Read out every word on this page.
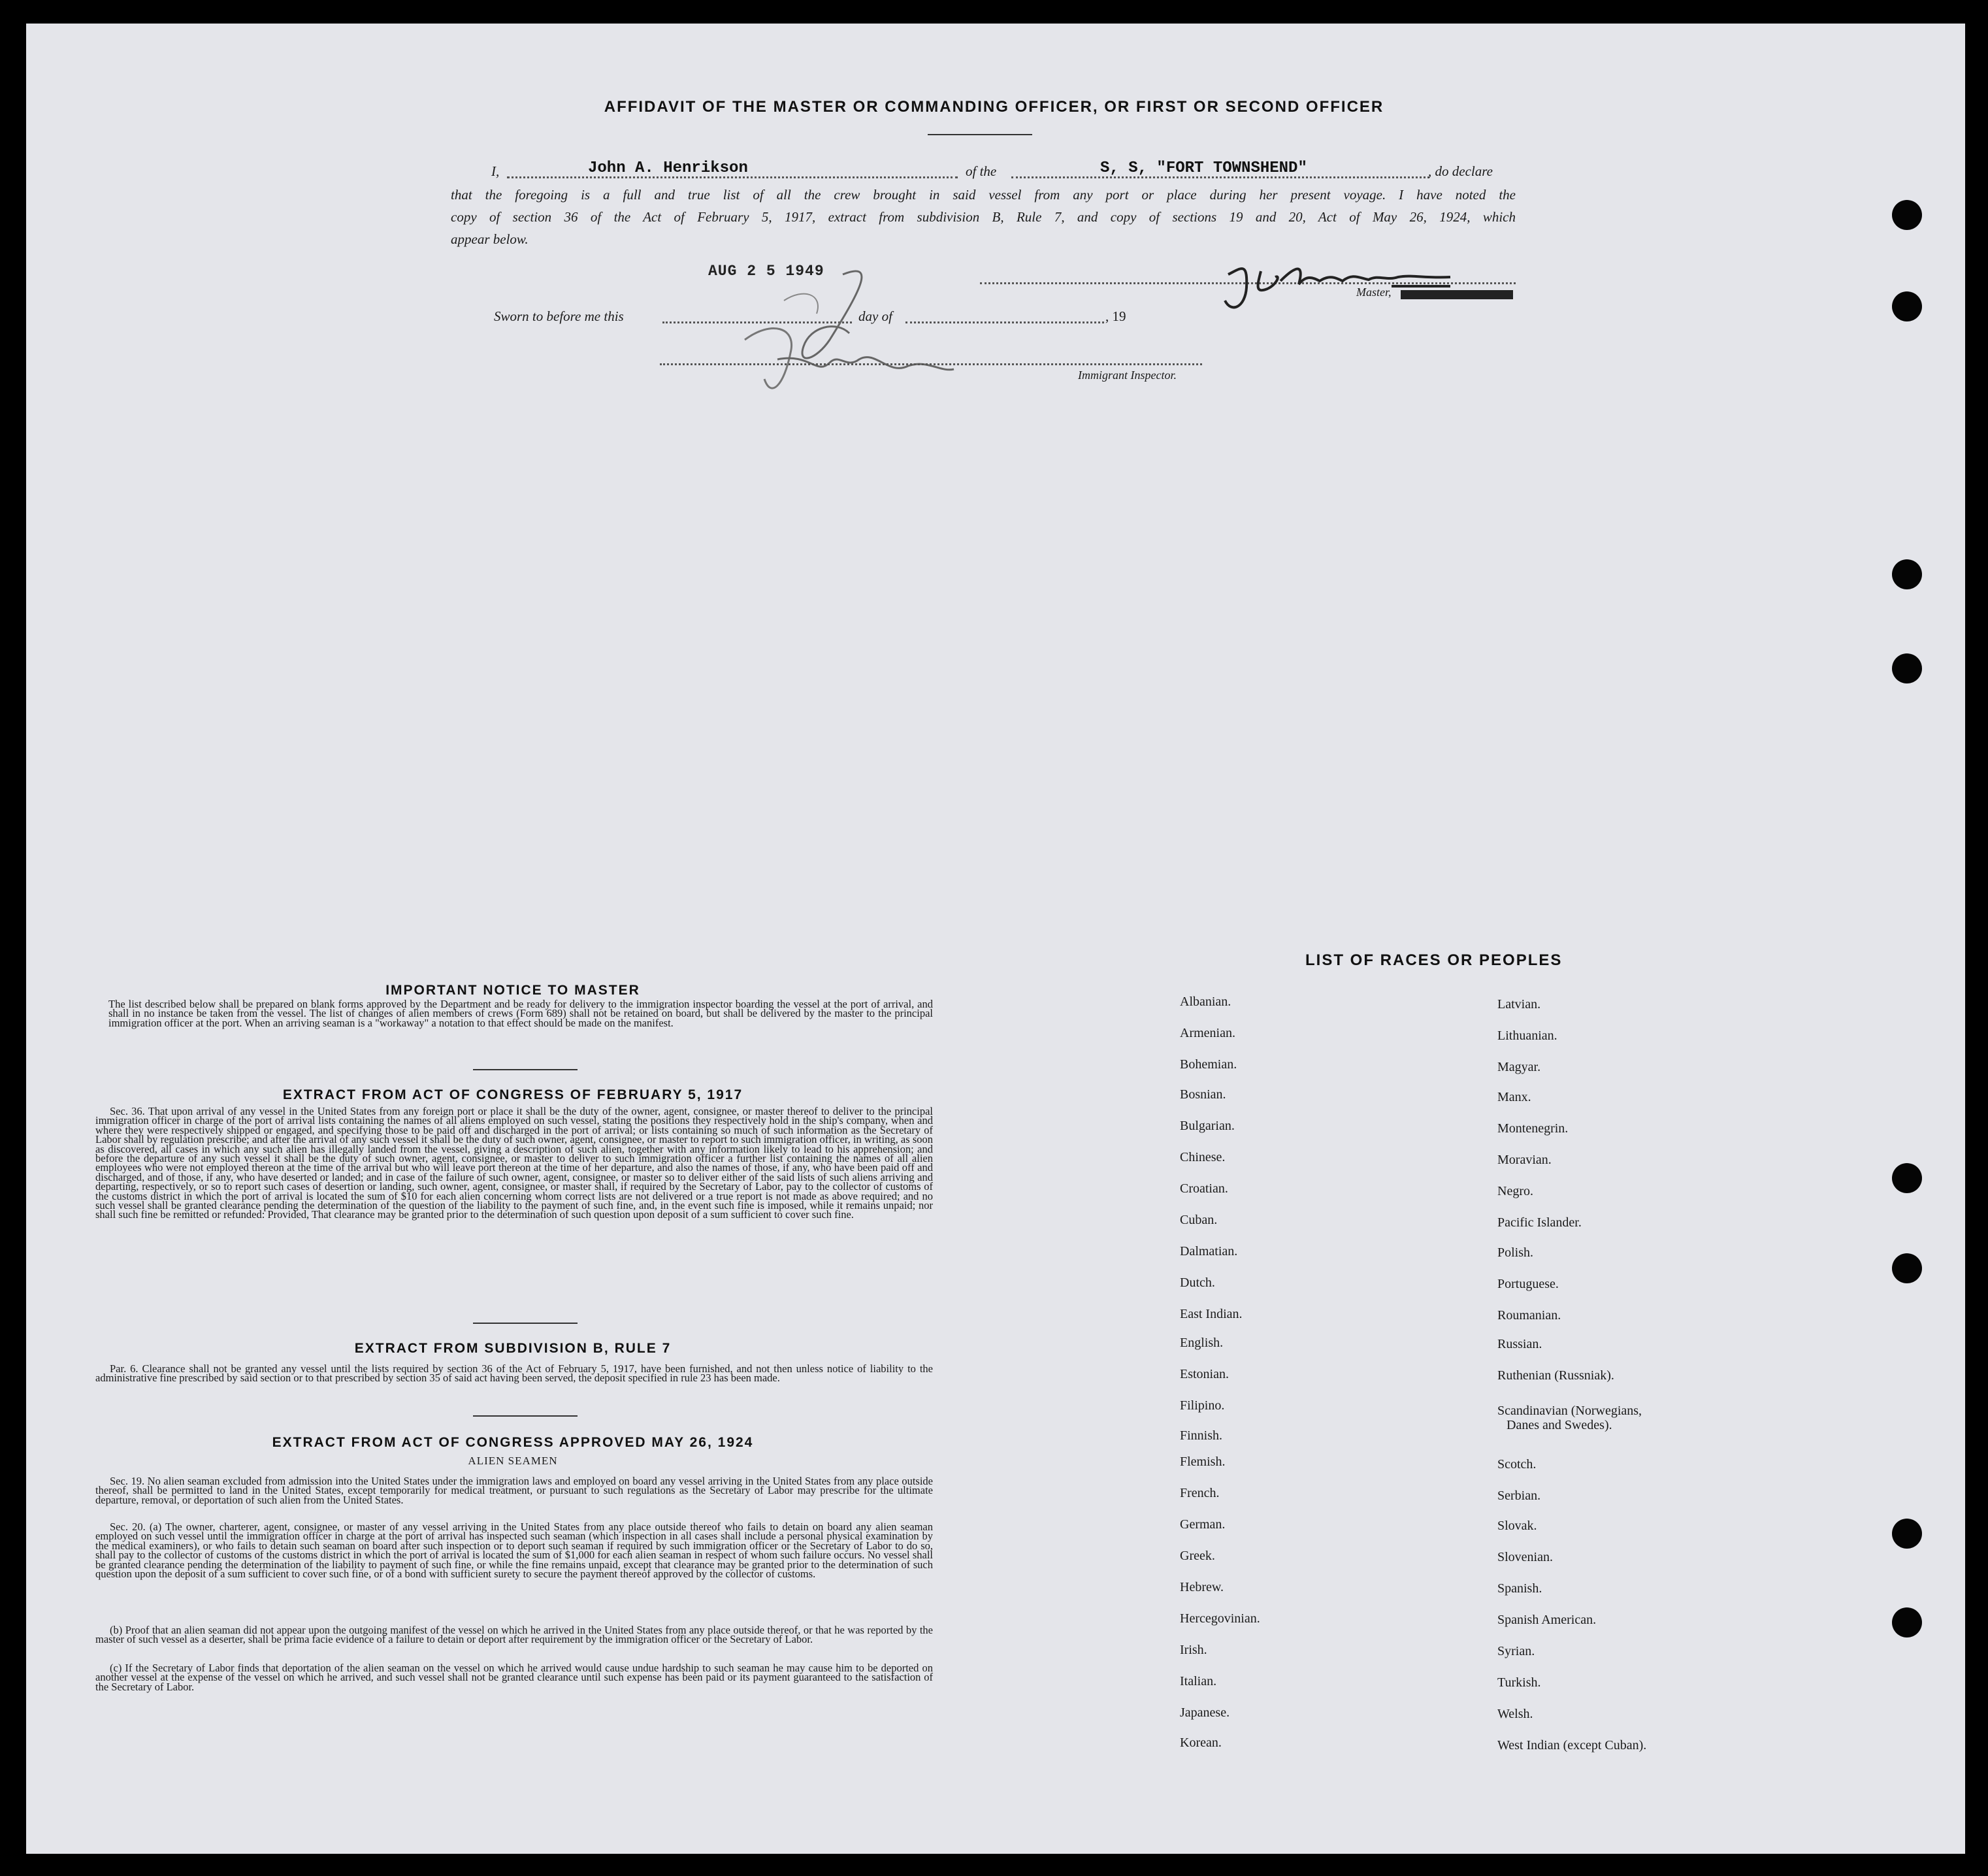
AFFIDAVIT OF THE MASTER OR COMMANDING OFFICER, OR FIRST OR SECOND OFFICER
I,	John A. Henrikson	of the	S, S, "FORT TOWNSHEND"	, do declare
that the foregoing is a full and true list of all the crew brought in said vessel from any port or place during her present voyage. I have noted the
copy of section 36 of the Act of February 5, 1917, extract from subdivision B, Rule 7, and copy of sections 19 and 20, Act of May 26, 1924, which
appear below.
AUG 2 5 1949
Master,
Sworn to before me this	day of	, 19
Immigrant Inspector.
IMPORTANT NOTICE TO MASTER
The list described below shall be prepared on blank forms approved by the Department and be ready for delivery to the immigration inspector boarding the vessel at the port of arrival, and shall in no instance be taken from the vessel. The list of changes of alien members of crews (Form 689) shall not be retained on board, but shall be delivered by the master to the principal immigration officer at the port. When an arriving seaman is a "workaway" a notation to that effect should be made on the manifest.
EXTRACT FROM ACT OF CONGRESS OF FEBRUARY 5, 1917
Sec. 36. That upon arrival of any vessel in the United States from any foreign port or place it shall be the duty of the owner, agent, consignee, or master thereof to deliver to the principal immigration officer in charge of the port of arrival lists containing the names of all aliens employed on such vessel, stating the positions they respectively hold in the ship's company, when and where they were respectively shipped or engaged, and specifying those to be paid off and discharged in the port of arrival; or lists containing so much of such information as the Secretary of Labor shall by regulation prescribe; and after the arrival of any such vessel it shall be the duty of such owner, agent, consignee, or master to report to such immigration officer, in writing, as soon as discovered, all cases in which any such alien has illegally landed from the vessel, giving a description of such alien, together with any information likely to lead to his apprehension; and before the departure of any such vessel it shall be the duty of such owner, agent, consignee, or master to deliver to such immigration officer a further list containing the names of all alien employees who were not employed thereon at the time of the arrival but who will leave port thereon at the time of her departure, and also the names of those, if any, who have been paid off and discharged, and of those, if any, who have deserted or landed; and in case of the failure of such owner, agent, consignee, or master so to deliver either of the said lists of such aliens arriving and departing, respectively, or so to report such cases of desertion or landing, such owner, agent, consignee, or master shall, if required by the Secretary of Labor, pay to the collector of customs of the customs district in which the port of arrival is located the sum of $10 for each alien concerning whom correct lists are not delivered or a true report is not made as above required; and no such vessel shall be granted clearance pending the determination of the question of the liability to the payment of such fine, and, in the event such fine is imposed, while it remains unpaid; nor shall such fine be remitted or refunded: Provided, That clearance may be granted prior to the determination of such question upon deposit of a sum sufficient to cover such fine.
EXTRACT FROM SUBDIVISION B, RULE 7
Par. 6. Clearance shall not be granted any vessel until the lists required by section 36 of the Act of February 5, 1917, have been furnished, and not then unless notice of liability to the administrative fine prescribed by said section or to that prescribed by section 35 of said act having been served, the deposit specified in rule 23 has been made.
EXTRACT FROM ACT OF CONGRESS APPROVED MAY 26, 1924
ALIEN SEAMEN
Sec. 19. No alien seaman excluded from admission into the United States under the immigration laws and employed on board any vessel arriving in the United States from any place outside thereof, shall be permitted to land in the United States, except temporarily for medical treatment, or pursuant to such regulations as the Secretary of Labor may prescribe for the ultimate departure, removal, or deportation of such alien from the United States.
Sec. 20. (a) The owner, charterer, agent, consignee, or master of any vessel arriving in the United States from any place outside thereof who fails to detain on board any alien seaman employed on such vessel until the immigration officer in charge at the port of arrival has inspected such seaman (which inspection in all cases shall include a personal physical examination by the medical examiners), or who fails to detain such seaman on board after such inspection or to deport such seaman if required by such immigration officer or the Secretary of Labor to do so, shall pay to the collector of customs of the customs district in which the port of arrival is located the sum of $1,000 for each alien seaman in respect of whom such failure occurs. No vessel shall be granted clearance pending the determination of the liability to payment of such fine, or while the fine remains unpaid, except that clearance may be granted prior to the determination of such question upon the deposit of a sum sufficient to cover such fine, or of a bond with sufficient surety to secure the payment thereof approved by the collector of customs.
(b) Proof that an alien seaman did not appear upon the outgoing manifest of the vessel on which he arrived in the United States from any place outside thereof, or that he was reported by the master of such vessel as a deserter, shall be prima facie evidence of a failure to detain or deport after requirement by the immigration officer or the Secretary of Labor.
(c) If the Secretary of Labor finds that deportation of the alien seaman on the vessel on which he arrived would cause undue hardship to such seaman he may cause him to be deported on another vessel at the expense of the vessel on which he arrived, and such vessel shall not be granted clearance until such expense has been paid or its payment guaranteed to the satisfaction of the Secretary of Labor.
LIST OF RACES OR PEOPLES
Albanian.
Armenian.
Bohemian.
Bosnian.
Bulgarian.
Chinese.
Croatian.
Cuban.
Dalmatian.
Dutch.
East Indian.
English.
Estonian.
Filipino.
Finnish.
Flemish.
French.
German.
Greek.
Hebrew.
Hercegovinian.
Irish.
Italian.
Japanese.
Korean.
Latvian.
Lithuanian.
Magyar.
Manx.
Montenegrin.
Moravian.
Negro.
Pacific Islander.
Polish.
Portuguese.
Roumanian.
Russian.
Ruthenian (Russniak).
Scandinavian (Norwegians,
Danes and Swedes).
Scotch.
Serbian.
Slovak.
Slovenian.
Spanish.
Spanish American.
Syrian.
Turkish.
Welsh.
West Indian (except Cuban).
